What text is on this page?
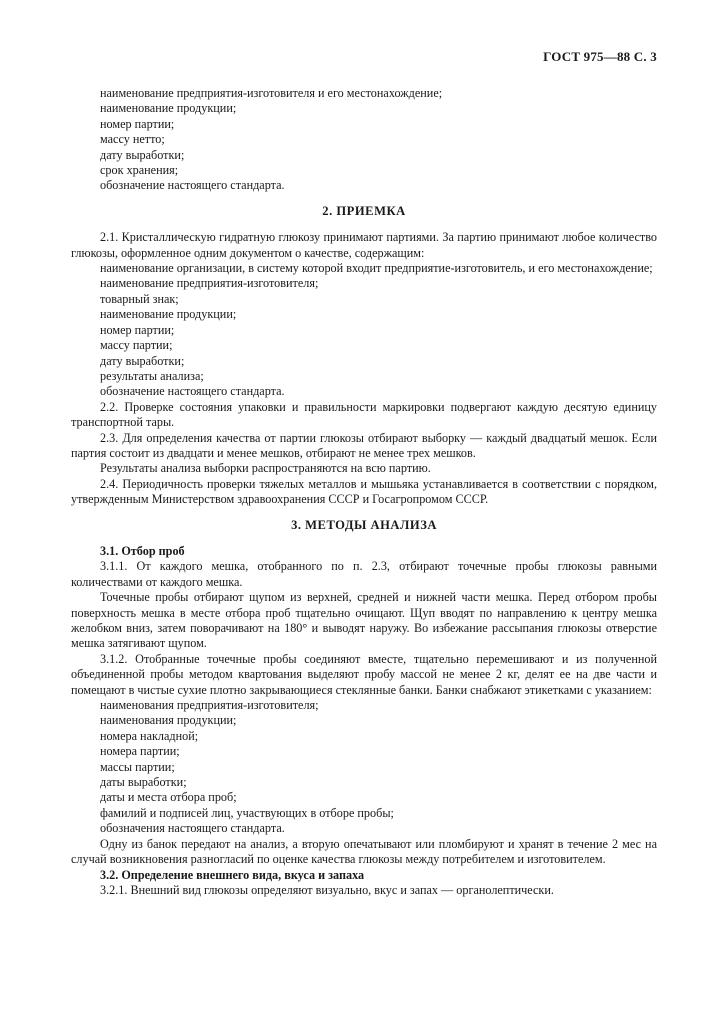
ГОСТ 975—88 С. 3
наименование предприятия-изготовителя и его местонахождение;
наименование продукции;
номер партии;
массу нетто;
дату выработки;
срок хранения;
обозначение настоящего стандарта.
2. ПРИЕМКА
2.1. Кристаллическую гидратную глюкозу принимают партиями. За партию принимают любое количество глюкозы, оформленное одним документом о качестве, содержащим:
наименование организации, в систему которой входит предприятие-изготовитель, и его местонахождение;
наименование предприятия-изготовителя;
товарный знак;
наименование продукции;
номер партии;
массу партии;
дату выработки;
результаты анализа;
обозначение настоящего стандарта.
2.2. Проверке состояния упаковки и правильности маркировки подвергают каждую десятую единицу транспортной тары.
2.3. Для определения качества от партии глюкозы отбирают выборку — каждый двадцатый мешок. Если партия состоит из двадцати и менее мешков, отбирают не менее трех мешков.
Результаты анализа выборки распространяются на всю партию.
2.4. Периодичность проверки тяжелых металлов и мышьяка устанавливается в соответствии с порядком, утвержденным Министерством здравоохранения СССР и Госагропромом СССР.
3. МЕТОДЫ АНАЛИЗА
3.1. Отбор проб
3.1.1. От каждого мешка, отобранного по п. 2.3, отбирают точечные пробы глюкозы равными количествами от каждого мешка.
Точечные пробы отбирают щупом из верхней, средней и нижней части мешка. Перед отбором пробы поверхность мешка в месте отбора проб тщательно очищают. Щуп вводят по направлению к центру мешка желобком вниз, затем поворачивают на 180° и выводят наружу. Во избежание рассыпания глюкозы отверстие мешка затягивают щупом.
3.1.2. Отобранные точечные пробы соединяют вместе, тщательно перемешивают и из полученной объединенной пробы методом квартования выделяют пробу массой не менее 2 кг, делят ее на две части и помещают в чистые сухие плотно закрывающиеся стеклянные банки. Банки снабжают этикетками с указанием:
наименования предприятия-изготовителя;
наименования продукции;
номера накладной;
номера партии;
массы партии;
даты выработки;
даты и места отбора проб;
фамилий и подписей лиц, участвующих в отборе пробы;
обозначения настоящего стандарта.
Одну из банок передают на анализ, а вторую опечатывают или пломбируют и хранят в течение 2 мес на случай возникновения разногласий по оценке качества глюкозы между потребителем и изготовителем.
3.2. Определение внешнего вида, вкуса и запаха
3.2.1. Внешний вид глюкозы определяют визуально, вкус и запах — органолептически.
